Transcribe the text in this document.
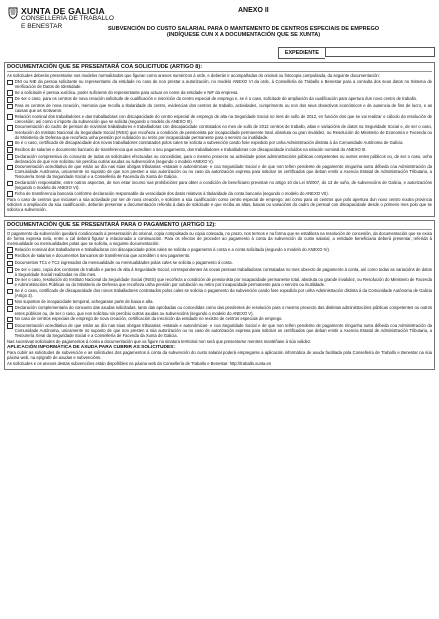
XUNTA DE GALICIA
CONSELLERÍA DE TRABALLO
E BENESTAR
ANEXO II
SUBVENCIÓN DO CUSTO SALARIAL PARA O MANTEMENTO DE CENTROS ESPECIAIS DE EMPREGO
(INDÍQUESE CUN X A DOCUMENTACIÓN QUE SE XUNTA)
EXPEDIENTE
DOCUMENTACIÓN QUE SE PRESENTARÁ COA SOLICITUDE (ARTIGO 8):

As solicitudes deberán presentarse nos modelos normalizados que figuran como anexos numéricos á orde, e deberán ir acompañadas do orixinal ou fotocopia compulsada, da seguinte documentación:

DNI ou NIE da persoa solicitante ou representante da entidade no caso de non prestar a autorización, no modelo ANEXO VI da orde, á Consellería de Traballo e Benestar para a consulta dos seus datos no Sistema de Verificación de Datos de Identidade.
Se a solicitude é persoa xurídica, poder suficiente do representante para actuar en nome da entidade e NIF da empresa.
De ser o caso, para os centros de nova creación solicitude de cualificación e inscrición do centro especial de emprego e, se é o caso, solicitude de ampliación da cualificación para apertura dun novo centro de traballo.
Para os centros de nova creación, memoria que recolla a titularidade do centro, evidencias dos centros de traballo, actividades, cumprimento ou non dos seus obxectivos económicos e de ausencia de fins de lucro, e as causas que as motivaron.
Relación nominal dos traballadores e das traballadoras con discapacidade do centro especial de emprego de alta na Seguridade Social no mes de xullo de 2012, en función dos que se vai realizar o cálculo da resolución de concesión; así como o importe da subvención que se solicita (segundo o modelo do ANEXO III).
Documentación do cadro de persoal de novos/as traballadores e traballadoras con discapacidade contratados no mes de xullo de 2012 centros de traballo, altas e variacións de datos na Seguridade Social e, de ser o caso, resolución do Instituto Nacional da Seguridade Social (INSS) que recoñeza a condición de pensionista por incapacidade permanente total, absoluta ou gran invalidez, ou Resolución do Ministerio de Economía e Facenda ou do Ministerio de Defensa que recoñeza unha pensión por xubilación ou retiro por incapacidade permanente para o servizo ou inutilidade.
Se é o caso, certificado de discapacidade dos novos traballadores contratados polos cales se solicita a subvención cando fose expedido por unha Administración distinta á da Comunidade Autónoma de Galicia.
Recibos de salarios e documento bancario de transferencia que acrediten o seu pagamento, dos traballadores e traballadoras con discapacidade incluídos na relación nominal do ANEXO III.
Declaración comprensiva do conxunto de todas as solicitudes efectuadas ou concedidas, para o mesmo proxecto ou actividade polas administracións públicas competentes ou outros entes públicos ou, de ser o caso, unha declaración de que non solicitou nin percibiu outras axudas ou subvencións (segundo o modelo ANEXO V).
Documentación acreditativa de que están ao día nas súas obrigas tributarias -estatais e autonómicas- e coa Seguridade Social e de que non teñen pendente de pagamento ningunha outra débeda coa Administración da Comunidade Autónoma, unicamente no suposto de que non presten a súa autorización ou no caso da autorización expresa para solicitar os certificados que deban emitir a Axencia Estatal de Administración Tributaria, a Tesourería Xeral da Seguridade Social e a Consellería de Facenda da Xunta de Galicia.
Declaración responsable, entre outros aspectos, de non estar incurso nas prohibicións para obter a condición de beneficiario previstas no artigo 10 da Lei 9/2007, do 13 de xuño, de subvencións de Galicia, e autorizacións (segundo o modelo do ANEXO VI).
Ficha de transferencia bancaria conforme declaración responsable da veracidade dos datos relativos á titularidade da conta bancaria (segundo o modelo do ANEXO VII).

Para o caso de centros que iniciasen a súa actividade por ser de nova creación, e soliciten a súa cualificación como centro especial de emprego; así como para os centros que polo apertura dun novo centro noutra provincia soliciten a ampliación da súa cualificación, deberán presentar a documentación referida á data de solicitude e que reciba as altas, baixas ou variacións do cadro de persoal con discapacidade desde o primeiro mes polo que se solicita a subvención.

DOCUMENTACIÓN QUE SE PRESENTARÁ PARA O PAGAMENTO (ARTIGO 12):

O pagamento da subvención quedará condicionado á presentación do orixinal, copia compulsada ou copia cotexada, no prazo, nos termos e na forma que se estableza na resolución de concesión, da documentación que se exixa de forma expresa nela, entre a cal deberá figurar a relacionada a continuación. Para os efectos de proceder ao pagamento á conta da subvención do custo salarial, a entidade beneficiaria deberá presentar, referida á mensualidade ou mensualidades polas que se solicita, a seguinte documentación:

Relación nominal dos traballadores e traballadoras con discapacidade polos cales se solicita o pagamento á conta e a conta solicitada (segundo o modelo do ANEXO IV).
Recibos de salarios e documentos bancarios de transferencia que acrediten o seu pagamento.
Documentos TC1 e TC2 ingresados da mensualidade ou mensualidades polas cales se solicita o pagamento á conta.
De ser o caso, copia dos contratos de traballo e partes de alta á Seguridade Social, correspondentes ás novas persoas traballadoras contratadas no mes obxecto de pagamento á conta, así como todas as variacións de datos á Seguridade Social realizadas no dito mes.
De ser o caso, resolución do Instituto Nacional da Seguridade Social (INSS) que recoñeza a condición de pensionista por incapacidade permanente total, absoluta ou grande invalidez, ou Resolución do Ministerio de Facenda e Administracións Públicas ou do Ministerio de Defensa que recoñeza unha pensión por xubilación ou retiro por incapacidade permanente para o servizo ou inutilidade.
Se é o caso, certificado de discapacidade dos novos traballadores contratados polos cales se solicita o pagamento da subvención cando fose expedido por unha Administración distinta á da Comunidade Autónoma de Galicia (Artigo 3).
Nos supostos de incapacidade temporal, achegarase parte de baixa e alta.
Declaración complementaria do conxunto das axudas solicitadas, tanto das aprobadas ou concedidas como das pendentes de resolución para o mesmo proxecto das distintas administracións públicas competentes ou outros entes públicos ou, de ser o caso, que non solicitou nin percibiu outras axudas ou subvencións (segundo o modelo do ANEXO V).
No caso de centros especiais de emprego de nova creación, certificación da inscrición da entidade no rexistro de centros especiais de emprego.
Documentación acreditativa de que están ao día nas súas obrigas tributarias -estatais e autonómicas- e coa Seguridade Social e de que non teñen pendente de pagamento ningunha outra débeda coa Administración da Comunidade Autónoma, unicamente no suposto de que non presten a súa autorización ou no caso de autorización expresa para solicitar os certificados que deban emitir a Axencia Estatal de Administración Tributaria, a Tesourería Xeral da Seguridade Social e a Consellería de Facenda da Xunta de Galicia.

Nas sucesivas solicitudes de pagamentos á conta a documentación que xa figure na sinatura territorial non será que presentarse mentres mantéñase á súa validez.

APLICACIÓN INFORMÁTICA DE AXUDA PARA CUBRIR AS SOLICITUDES:

Para cubrir as solicitudes de subvención e as solicitudes dos pagamentos á conta da subvención do custo salarial poderá empregarse a aplicación informática de axuda facilitada pola Consellería de Traballo e Benestar na súa páxina web, na epígrafe de axudas e subvencións.

As solicitudes e os anexos destas subvencións están dispoñibles na páxina web da Consellería de Traballo e Benestar: http://traballo.xunta.es
